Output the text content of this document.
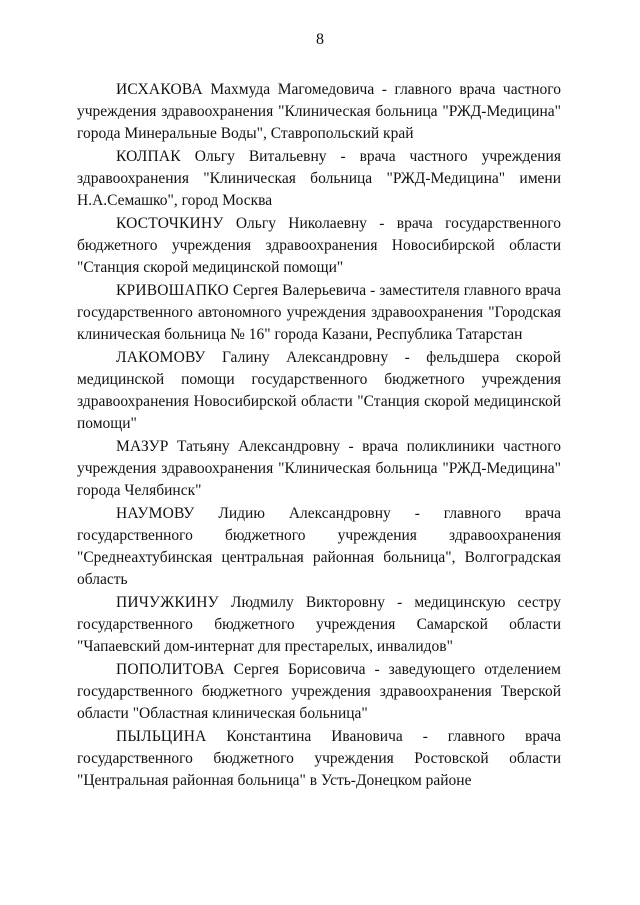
8

ИСХАКОВА Махмуда Магомедовича - главного врача частного учреждения здравоохранения "Клиническая больница "РЖД-Медицина" города Минеральные Воды", Ставропольский край

КОЛПАК Ольгу Витальевну - врача частного учреждения здравоохранения "Клиническая больница "РЖД-Медицина" имени Н.А.Семашко", город Москва

КОСТОЧКИНУ Ольгу Николаевну - врача государственного бюджетного учреждения здравоохранения Новосибирской области "Станция скорой медицинской помощи"

КРИВОШАПКО Сергея Валерьевича - заместителя главного врача государственного автономного учреждения здравоохранения "Городская клиническая больница № 16" города Казани, Республика Татарстан

ЛАКОМОВУ Галину Александровну - фельдшера скорой медицинской помощи государственного бюджетного учреждения здравоохранения Новосибирской области "Станция скорой медицинской помощи"

МАЗУР Татьяну Александровну - врача поликлиники частного учреждения здравоохранения "Клиническая больница "РЖД-Медицина" города Челябинск"

НАУМОВУ Лидию Александровну - главного врача государственного бюджетного учреждения здравоохранения "Среднеахтубинская центральная районная больница", Волгоградская область

ПИЧУЖКИНУ Людмилу Викторовну - медицинскую сестру государственного бюджетного учреждения Самарской области "Чапаевский дом-интернат для престарелых, инвалидов"

ПОПОЛИТОВА Сергея Борисовича - заведующего отделением государственного бюджетного учреждения здравоохранения Тверской области "Областная клиническая больница"

ПЫЛЬЦИНА Константина Ивановича - главного врача государственного бюджетного учреждения Ростовской области "Центральная районная больница" в Усть-Донецком районе
